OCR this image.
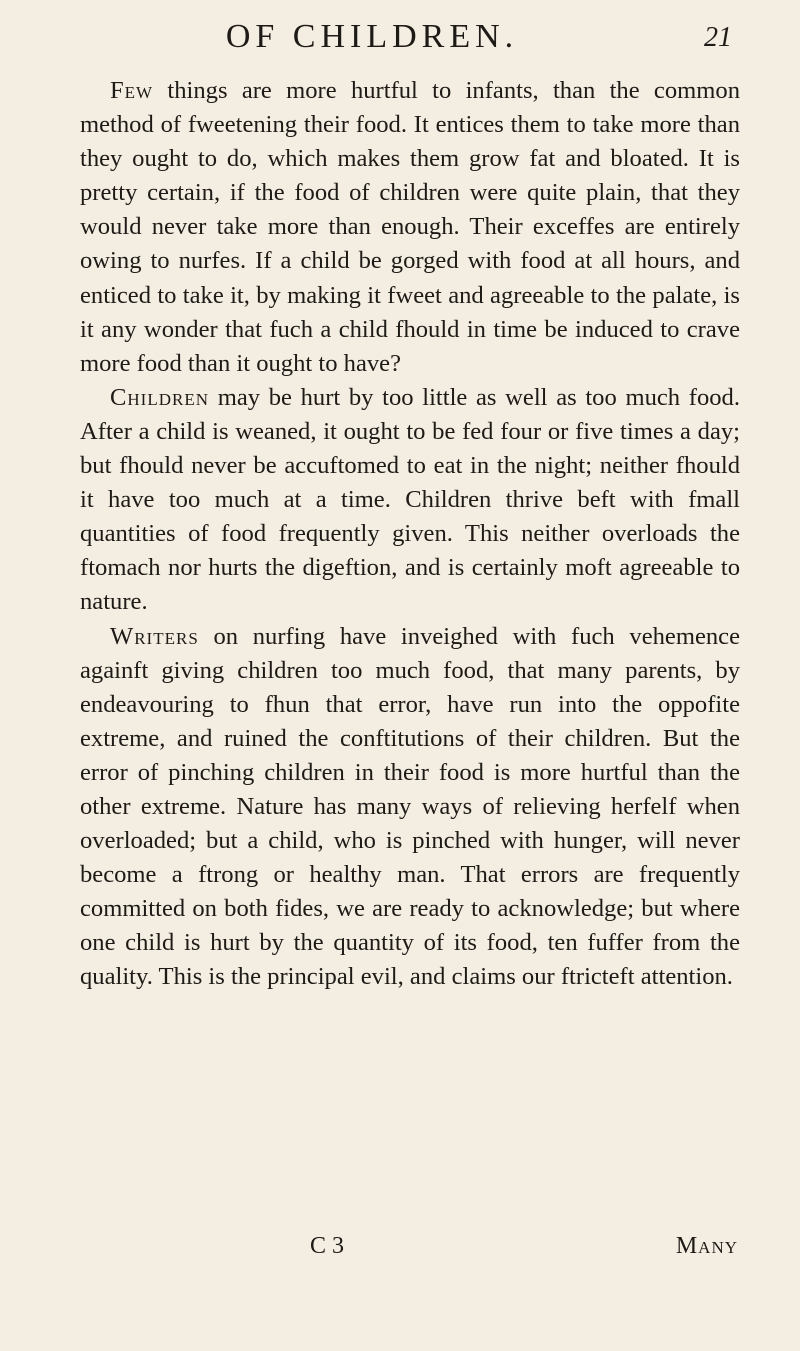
OF CHILDREN.	21

Few things are more hurtful to infants, than the common method of fweetening their food. It entices them to take more than they ought to do, which makes them grow fat and bloated. It is pretty certain, if the food of children were quite plain, that they would never take more than enough. Their exceffes are entirely owing to nurfes. If a child be gorged with food at all hours, and enticed to take it, by making it fweet and agreeable to the palate, is it any wonder that fuch a child fhould in time be induced to crave more food than it ought to have?

Children may be hurt by too little as well as too much food. After a child is weaned, it ought to be fed four or five times a day; but fhould never be accuftomed to eat in the night; neither fhould it have too much at a time. Children thrive beft with fmall quantities of food frequently given. This neither overloads the ftomach nor hurts the digeftion, and is certainly moft agreeable to nature.

Writers on nurfing have inveighed with fuch vehemence againft giving children too much food, that many parents, by endeavouring to fhun that error, have run into the oppofite extreme, and ruined the conftitutions of their children. But the error of pinching children in their food is more hurtful than the other extreme. Nature has many ways of relieving herfelf when overloaded; but a child, who is pinched with hunger, will never become a ftrong or healthy man. That errors are frequently committed on both fides, we are ready to acknowledge; but where one child is hurt by the quantity of its food, ten fuffer from the quality. This is the principal evil, and claims our ftricteft attention.

C 3	Many
